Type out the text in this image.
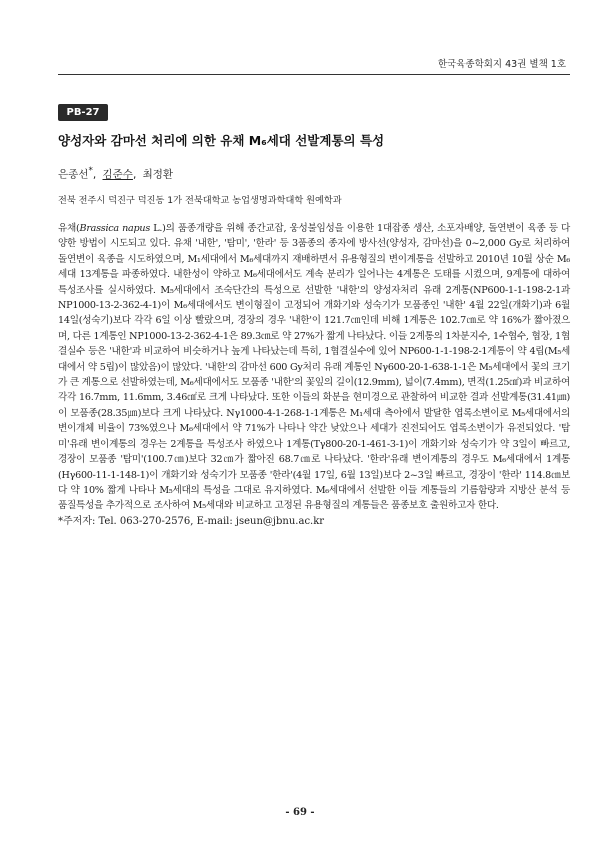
한국육종학회지 43권 별책 1호
PB-27
양성자와 감마선 처리에 의한 유채 M₆세대 선발계통의 특성
은종선*, 김준수, 최정환
전북 전주시 덕진구 덕진동 1가 전북대학교 농업생명과학대학 원예학과

유채(Brassica napus L.)의 품종개량을 위해 종간교잡, 웅성불임성을 이용한 1대잡종 생산, 소포자배양, 돌연변이 육종 등 다양한 방법이 시도되고 있다. 유채 '내한', '탐미', '한라' 등 3품종의 종자에 방사선(양성자, 감마선)을 0~2,000 Gy로 처리하여 돌연변이 육종을 시도하였으며, M₁세대에서 M₆세대까지 재배하면서 유용형질의 변이계통을 선발하고 2010년 10월 상순 M₆세대 13계통을 파종하였다. 내한성이 약하고 M₆세대에서도 계속 분리가 일어나는 4계통은 도태를 시켰으며, 9계통에 대하여 특성조사를 실시하였다. M₅세대에서 조숙단간의 특성으로 선발한 '내한'의 양성자처리 유래 2계통(NP600-1-1-198-2-1과 NP1000-13-2-362-4-1)이 M₆세대에서도 변이형질이 고정되어 개화기와 성숙기가 모품종인 '내한' 4월 22일(개화기)과 6월 14일(성숙기)보다 각각 6일 이상 빨랐으며, 경장의 경우 '내한'이 121.7㎝인데 비해 1계통은 102.7㎝로 약 16%가 짧아졌으며, 다른 1계통인 NP1000-13-2-362-4-1은 89.3㎝로 약 27%가 짧게 나타났다. 이들 2계통의 1차분지수, 1수협수, 협장, 1협결실수 등은 '내한'과 비교하여 비슷하거나 높게 나타났는데 특히, 1협결실수에 있어 NP600-1-1-198-2-1계통이 약 4립(M₅세대에서 약 5립)이 많았음)이 많았다. '내한'의 감마선 600 Gy처리 유래 계통인 Nγ600-20-1-638-1-1은 M₅세대에서 꽃의 크기가 큰 계통으로 선발하였는데, M₆세대에서도 모품종 '내한'의 꽃잎의 길이(12.9mm), 넓이(7.4mm), 면적(1.25㎠)과 비교하여 각각 16.7mm, 11.6mm, 3.46㎠로 크게 나타났다. 또한 이들의 화분을 현미경으로 관찰하여 비교한 결과 선발계통(31.41㎛)이 모품종(28.35㎛)보다 크게 나타났다. Nγ1000-4-1-268-1-1계통은 M₁세대 측아에서 발달한 엽록소변이로 M₅세대에서의 변이개체 비율이 73%였으나 M₆세대에서 약 71%가 나타나 약간 낮았으나 세대가 진전되어도 엽록소변이가 유전되었다. '탐미'유래 변이계통의 경우는 2계통을 특성조사 하였으나 1계통(Tγ800-20-1-461-3-1)이 개화기와 성숙기가 약 3일이 빠르고, 경장이 모품종 '탐미'(100.7㎝)보다 32㎝가 짧아진 68.7㎝로 나타났다. '한라'유래 변이계통의 경우도 M₆세대에서 1계통(Hγ600-11-1-148-1)이 개화기와 성숙기가 모품종 '한라'(4월 17일, 6월 13일)보다 2~3일 빠르고, 경장이 '한라' 114.8㎝보다 약 10% 짧게 나타나 M₅세대의 특성을 그대로 유지하였다. M₆세대에서 선발한 이들 계통들의 기름함량과 지방산 분석 등 품질특성을 추가적으로 조사하여 M₅세대와 비교하고 고정된 유용형질의 계통들은 품종보호 출원하고자 한다.

*주저자: Tel. 063-270-2576, E-mail: jseun@jbnu.ac.kr
- 69 -
